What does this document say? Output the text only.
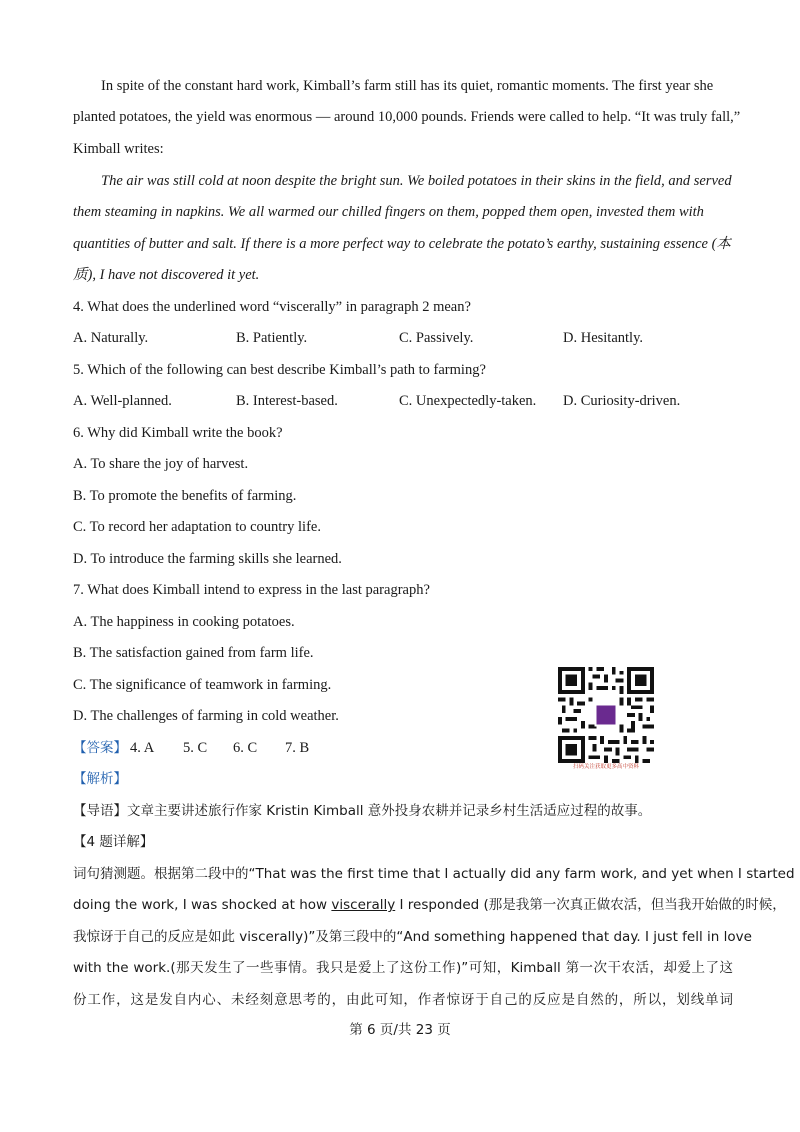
In spite of the constant hard work, Kimball’s farm still has its quiet, romantic moments. The first year she
planted potatoes, the yield was enormous — around 10,000 pounds. Friends were called to help. “It was truly fall,”
Kimball writes:
The air was still cold at noon despite the bright sun. We boiled potatoes in their skins in the field, and served
them steaming in napkins. We all warmed our chilled fingers on them, popped them open, invested them with
quantities of butter and salt. If there is a more perfect way to celebrate the potato’s earthy, sustaining essence (本
质), I have not discovered it yet.
4. What does the underlined word “viscerally” in paragraph 2 mean?
A. Naturally.	B. Patiently.	C. Passively.	D. Hesitantly.
5. Which of the following can best describe Kimball’s path to farming?
A. Well-planned.	B. Interest-based.	C. Unexpectedly-taken. D. Curiosity-driven.
6. Why did Kimball write the book?
A. To share the joy of harvest.
B. To promote the benefits of farming.
C. To record her adaptation to country life.
D. To introduce the farming skills she learned.
7. What does Kimball intend to express in the last paragraph?
A. The happiness in cooking potatoes.
B. The satisfaction gained from farm life.
C. The significance of teamwork in farming.
D. The challenges of farming in cold weather.
【答案】 4. A 5. C 6. C 7. B
扫码关注获取更多高中资料
【解析】
【导语】文章主要讲述旅行作家 Kristin Kimball 意外投身农耕并记录乡村生活适应过程的故事。
【4 题详解】
词句猜测题。根据第二段中的“That was the first time that I actually did any farm work, and yet when I started
doing the work, I was shocked at how viscerally I responded (那是我第一次真正做农活，但当我开始做的时候，
我惊讶于自己的反应是如此 viscerally)”及第三段中的“And something happened that day. I just fell in love
with the work.(那天发生了一些事情。我只是爱上了这份工作)”可知，Kimball 第一次干农活，却爱上了这
份工作，这是发自内心、未经刻意思考的，由此可知，作者惊讶于自己的反应是自然的，所以，划线单词
第 6 页/共 23 页
